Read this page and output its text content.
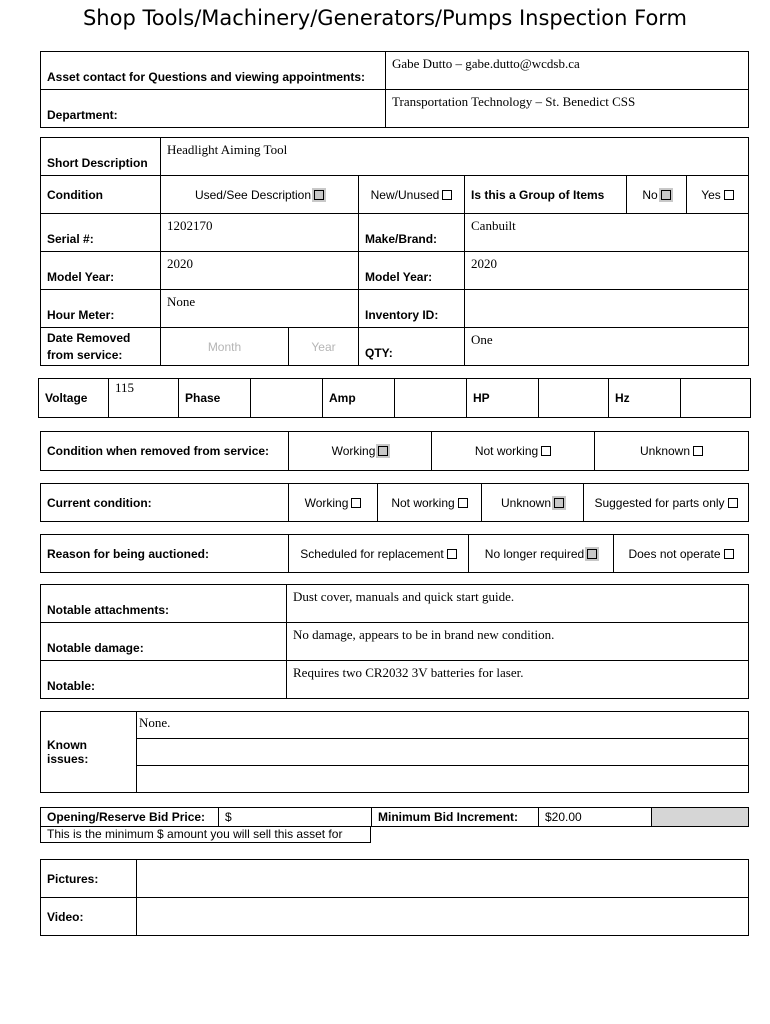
Shop Tools/Machinery/Generators/Pumps Inspection Form
Asset contact for Questions and viewing appointments:	Gabe Dutto – gabe.dutto@wcdsb.ca
Department:	Transportation Technology – St. Benedict CSS
Short Description	Headlight Aiming Tool					
Condition	Used/See Description		New/Unused	Is this a Group of Items	No	Yes
Serial #:	1202170		Make/Brand:	Canbuilt		
Model Year:	2020		Model Year:	2020		
Hour Meter:	None		Inventory ID:			
Date Removed from service:	Month	Year	QTY:	One		
Voltage	115	Phase		Amp		HP		Hz	
Condition when removed from service:	Working	Not working	Unknown
Current condition:	Working	Not working	Unknown	Suggested for parts only
Reason for being auctioned:	Scheduled for replacement	No longer required	Does not operate
Notable attachments:	Dust cover, manuals and quick start guide.
Notable damage:	No damage, appears to be in brand new condition.
Notable:	Requires two CR2032 3V batteries for laser.
Known issues:	None.

Opening/Reserve Bid Price:	$	Minimum Bid Increment:	$20.00	
This is the minimum $ amount you will sell this asset for
Pictures:	
Video:	
